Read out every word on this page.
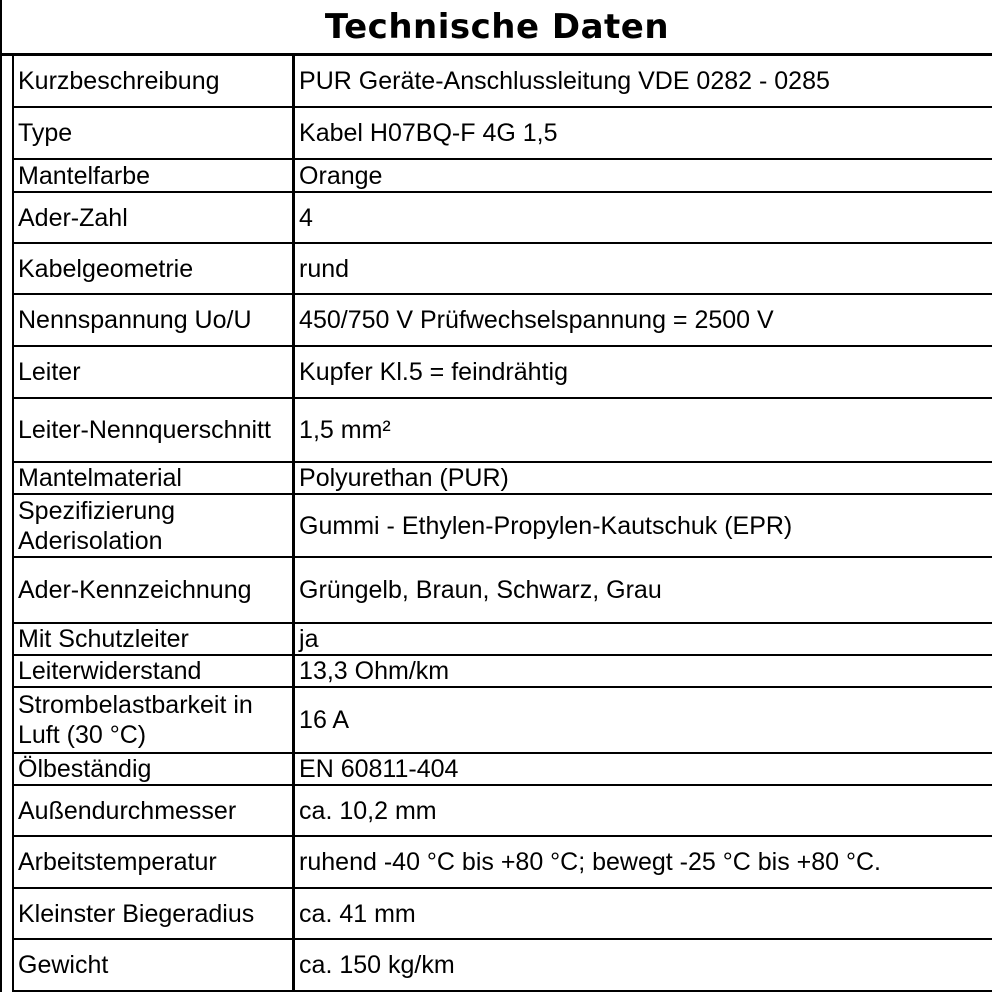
Technische Daten
Kurzbeschreibung	PUR Geräte-Anschlussleitung VDE 0282 - 0285
Type	Kabel H07BQ-F 4G 1,5
Mantelfarbe	Orange
Ader-Zahl	4
Kabelgeometrie	rund
Nennspannung Uo/U	450/750 V Prüfwechselspannung = 2500 V
Leiter	Kupfer Kl.5 = feindrähtig
Leiter-Nennquerschnitt	1,5 mm²
Mantelmaterial	Polyurethan (PUR)
Spezifizierung Aderisolation	Gummi - Ethylen-Propylen-Kautschuk (EPR)
Ader-Kennzeichnung	Grüngelb, Braun, Schwarz, Grau
Mit Schutzleiter	ja
Leiterwiderstand	13,3 Ohm/km
Strombelastbarkeit in Luft (30 °C)	16 A
Ölbeständig	EN 60811-404
Außendurchmesser	ca. 10,2 mm
Arbeitstemperatur	ruhend -40 °C bis +80 °C; bewegt -25 °C bis +80 °C.
Kleinster Biegeradius	ca. 41 mm
Gewicht	ca. 150 kg/km
